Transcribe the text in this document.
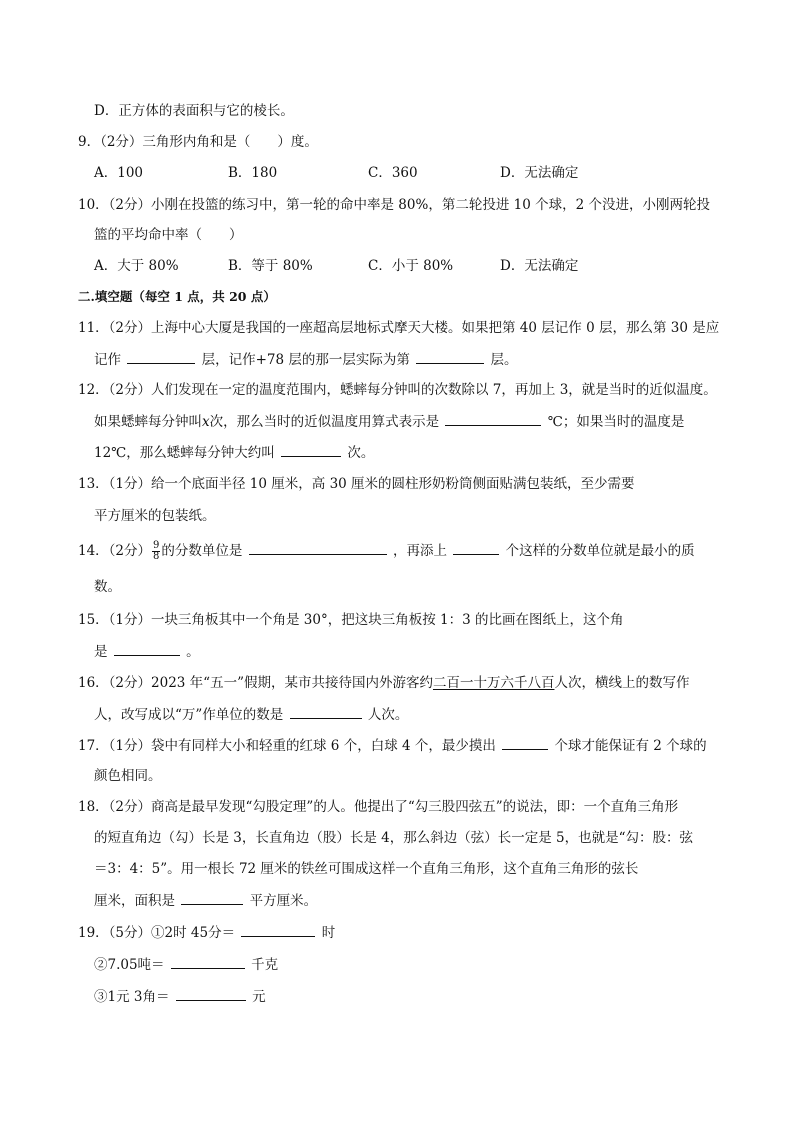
D．正方体的表面积与它的棱长。
9．（2分）三角形内角和是（　　）度。
A．100	B．180	C．360	D．无法确定
10．（2分）小刚在投篮的练习中，第一轮的命中率是 80%，第二轮投进 10 个球，2 个没进，小刚两轮投
篮的平均命中率（　　）
A．大于 80%	B．等于 80%	C．小于 80%	D．无法确定
二.填空题（每空 1 点，共 20 点）
11．（2分）上海中心大厦是我国的一座超高层地标式摩天大楼。如果把第 40 层记作 0 层，那么第 30 是应
记作	层，记作+78 层的那一层实际为第	层。
12．（2分）人们发现在一定的温度范围内，蟋蟀每分钟叫的次数除以 7，再加上 3，就是当时的近似温度。
如果蟋蟀每分钟叫x次，那么当时的近似温度用算式表示是	℃；如果当时的温度是
12℃，那么蟋蟀每分钟大约叫	次。
13．（1分）给一个底面半径 10 厘米，高 30 厘米的圆柱形奶粉筒侧面贴满包装纸，至少需要
平方厘米的包装纸。
14．（2分） $\frac{9}{8}$ 的分数单位是	，再添上	个这样的分数单位就是最小的质
数。
15．（1分）一块三角板其中一个角是 30°，把这块三角板按 1：3 的比画在图纸上，这个角
是	。
16．（2分）2023 年“五一”假期，某市共接待国内外游客约二百一十万六千八百人次，横线上的数写作
人，改写成以“万”作单位的数是	人次。
17．（1分）袋中有同样大小和轻重的红球 6 个，白球 4 个，最少摸出	个球才能保证有 2 个球的
颜色相同。
18．（2分）商高是最早发现“勾股定理”的人。他提出了“勾三股四弦五”的说法，即：一个直角三角形
的短直角边（勾）长是 3，长直角边（股）长是 4，那么斜边（弦）长一定是 5，也就是“勾：股：弦
＝3：4：5”。用一根长 72 厘米的铁丝可围成这样一个直角三角形，这个直角三角形的弦长
厘米，面积是	平方厘米。
19．（5分）①2时 45分＝	时
②7.05吨＝	千克
③1元 3角＝	元
